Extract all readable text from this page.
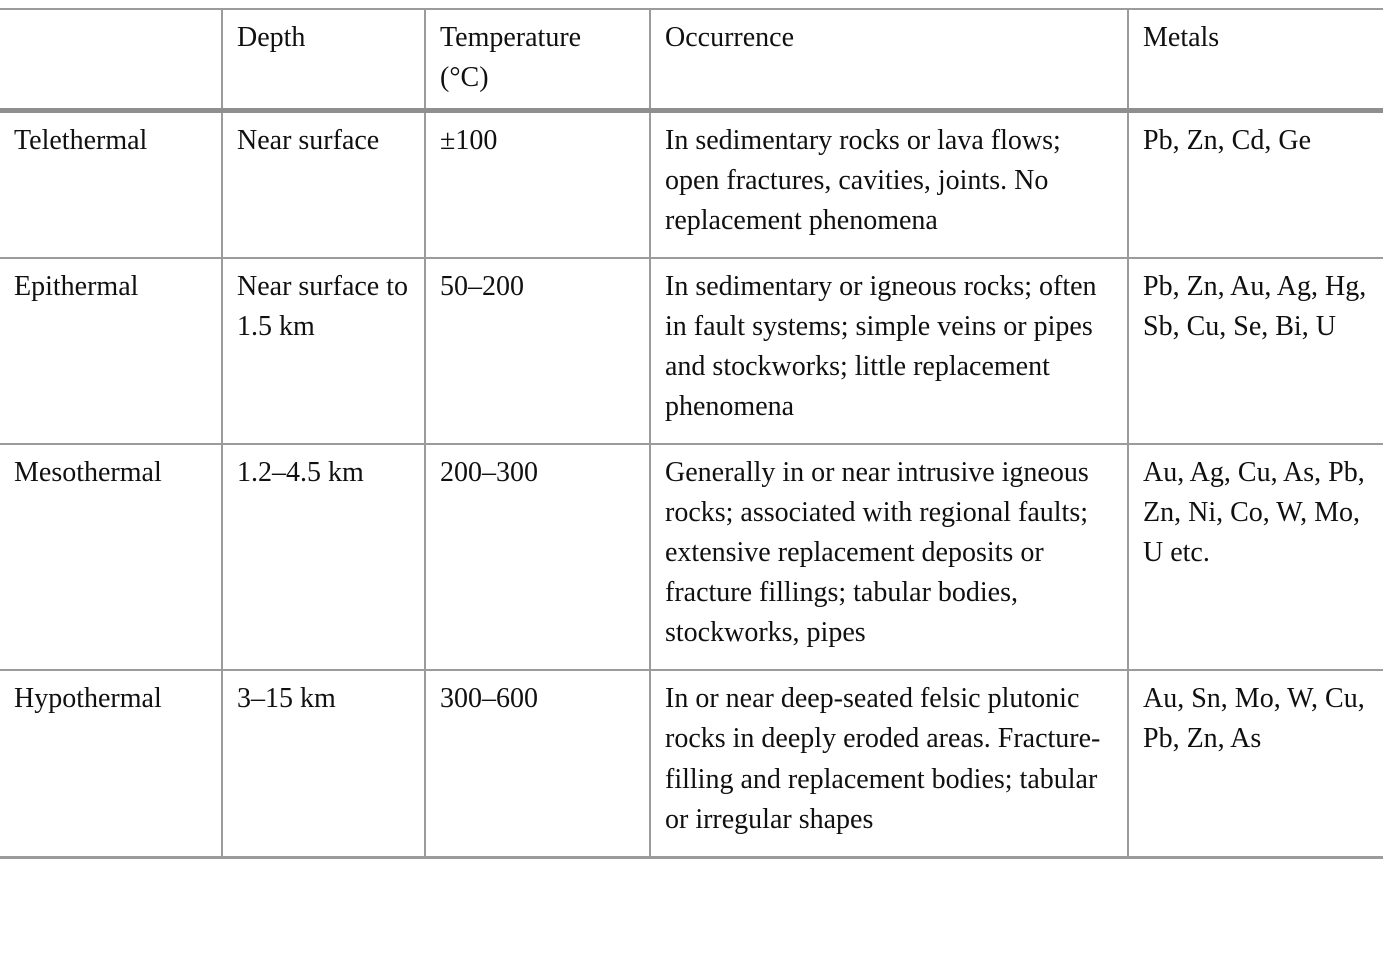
	Depth	Temperature (°C)	Occurrence	Metals
Telethermal	Near surface	±100	In sedimentary rocks or lava flows; open fractures, cavities, joints. No replacement phenomena	Pb, Zn, Cd, Ge
Epithermal	Near surface to 1.5 km	50–200	In sedimentary or igneous rocks; often in fault systems; simple veins or pipes and stockworks; little replacement phenomena	Pb, Zn, Au, Ag, Hg, Sb, Cu, Se, Bi, U
Mesothermal	1.2–4.5 km	200–300	Generally in or near intrusive igneous rocks; associated with regional faults; extensive replacement deposits or fracture fillings; tabular bodies, stockworks, pipes	Au, Ag, Cu, As, Pb, Zn, Ni, Co, W, Mo, U etc.
Hypothermal	3–15 km	300–600	In or near deep-seated felsic plutonic rocks in deeply eroded areas. Fracture-filling and replacement bodies; tabular or irregular shapes	Au, Sn, Mo, W, Cu, Pb, Zn, As
